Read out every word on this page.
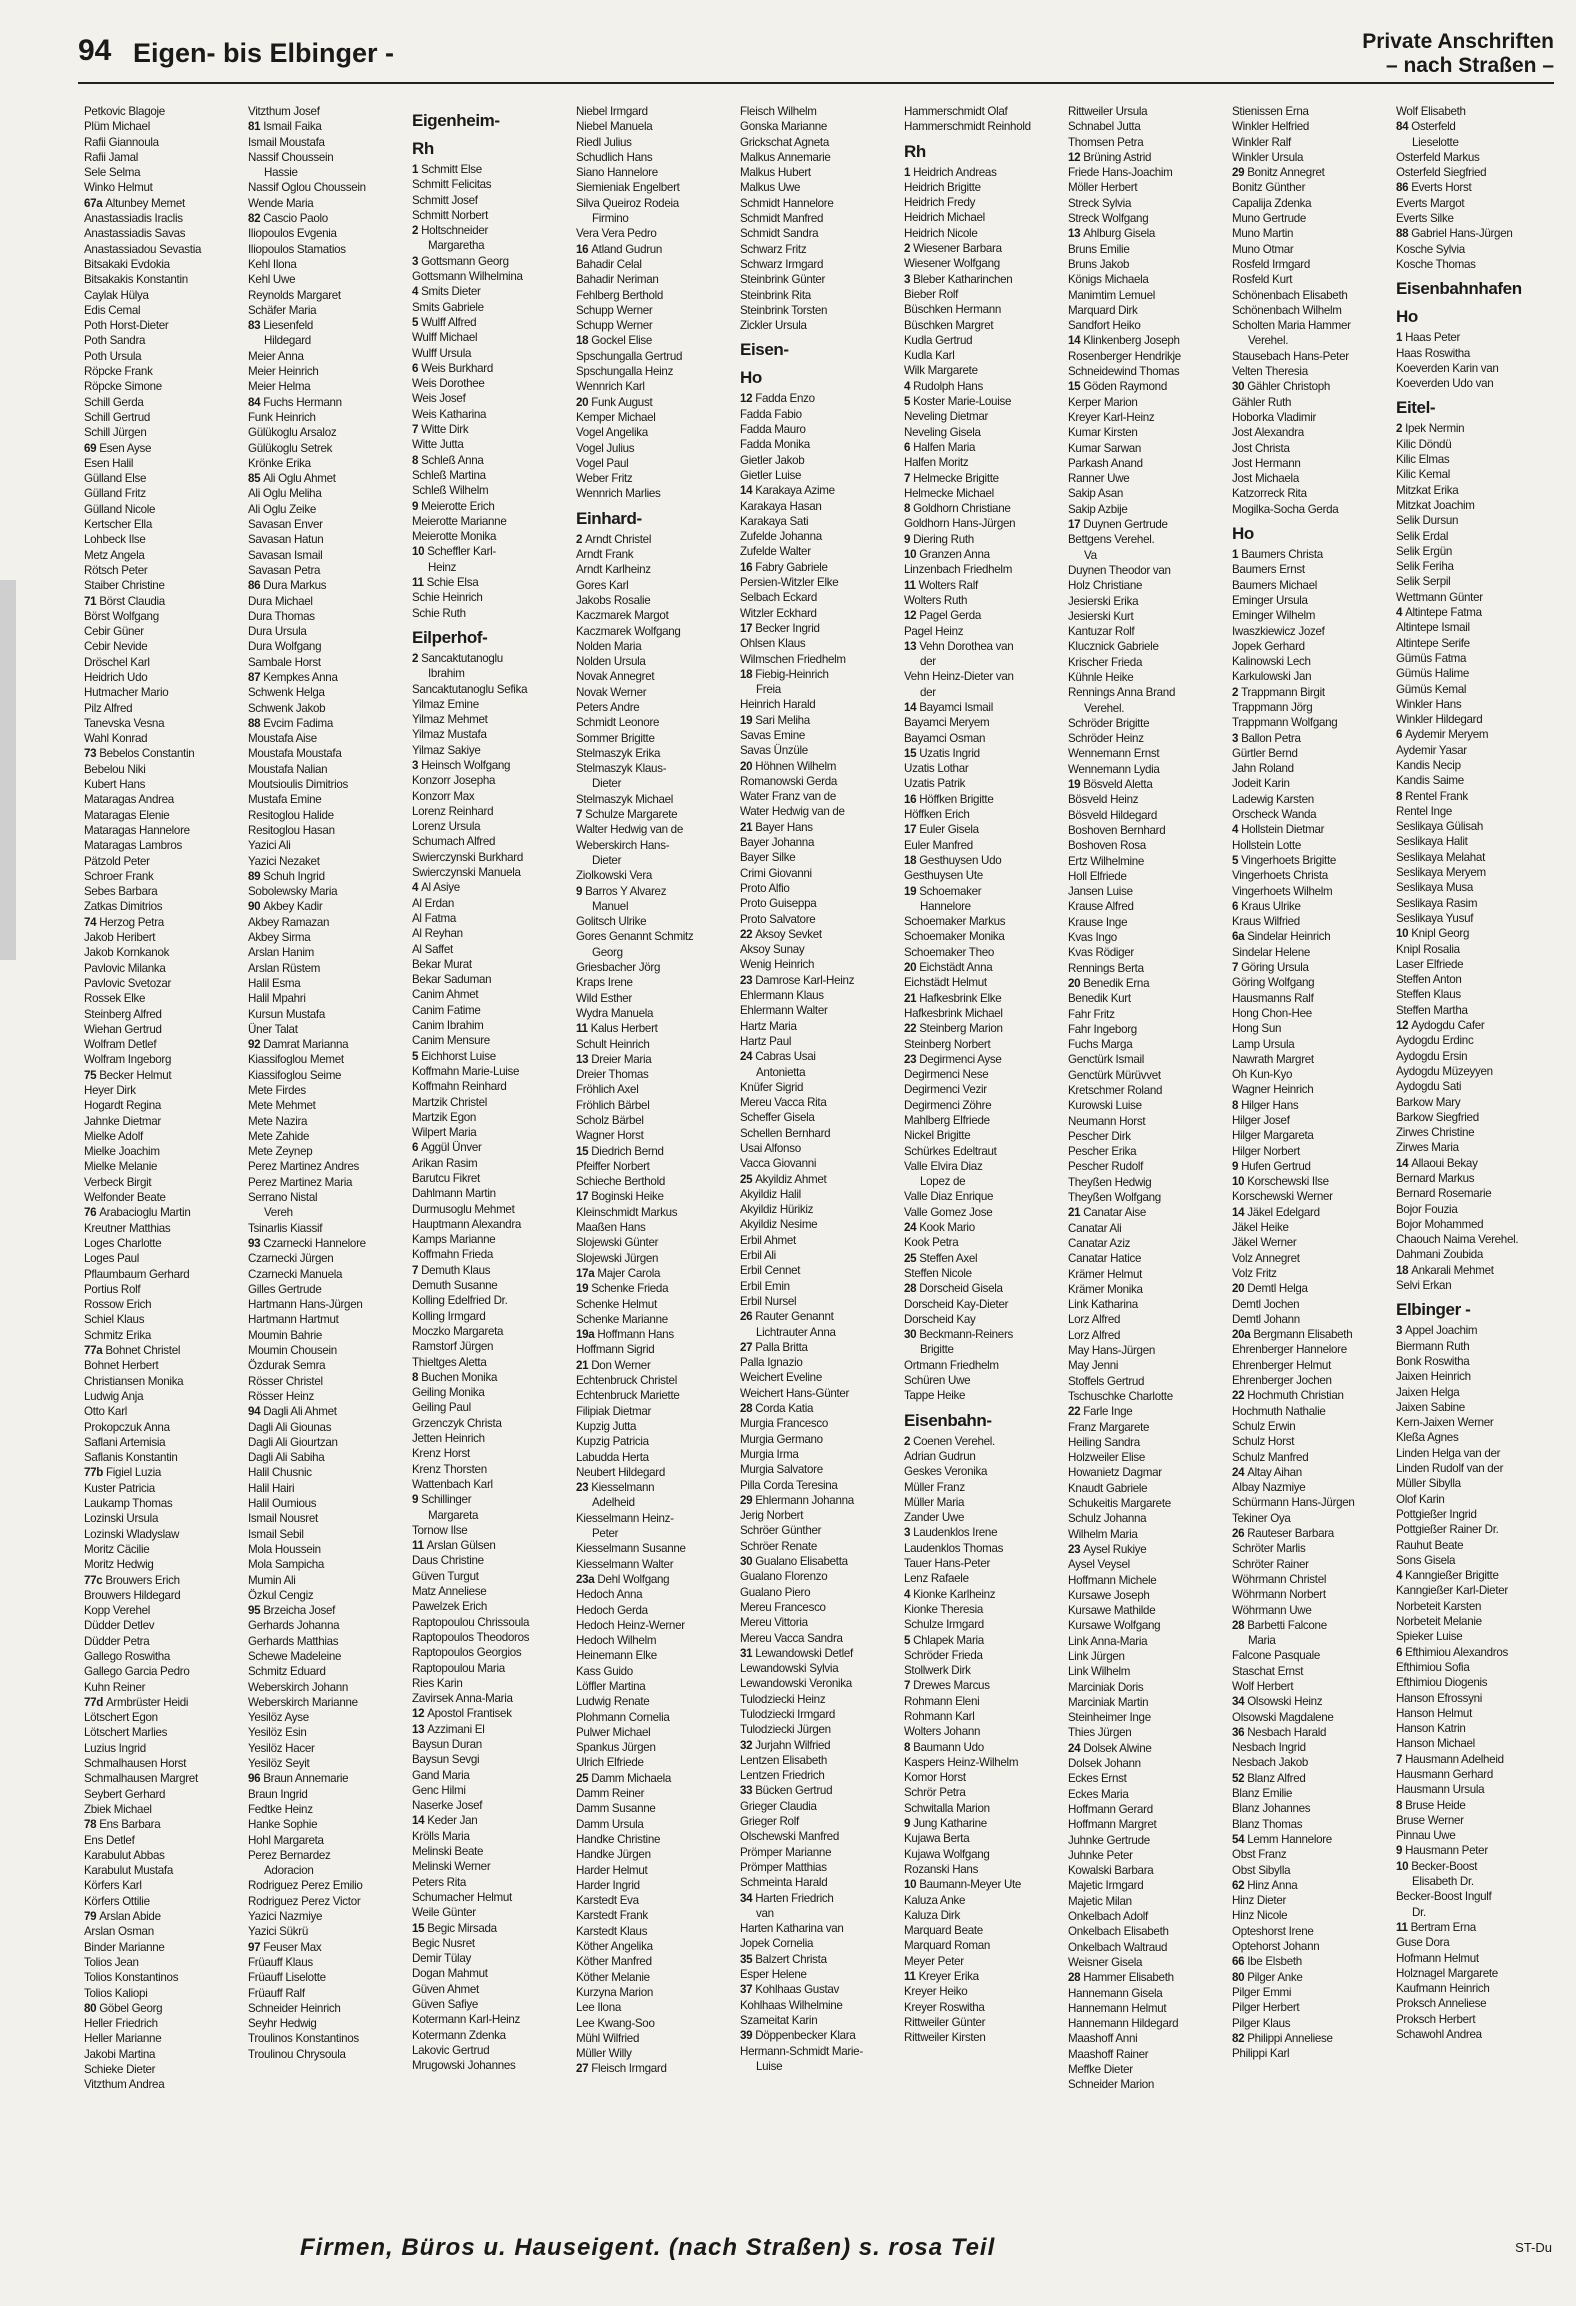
94 Eigen- bis Elbinger -	Private Anschriften
– nach Straßen –
Petkovic Blagoje
Plüm Michael
Rafii Giannoula
Rafii Jamal
Sele Selma
Winko Helmut
67a Altunbey Memet
Anastassiadis Iraclis
Anastassiadis Savas
Anastassiadou Sevastia
Bitsakaki Evdokia
Bitsakakis Konstantin
Caylak Hülya
Edis Cemal
Poth Horst-Dieter
Poth Sandra
Poth Ursula
Röpcke Frank
Röpcke Simone
Schill Gerda
Schill Gertrud
Schill Jürgen
69 Esen Ayse
Esen Halil
Gülland Else
Gülland Fritz
Gülland Nicole
Kertscher Ella
Lohbeck Ilse
Metz Angela
Rötsch Peter
Staiber Christine
71 Börst Claudia
Börst Wolfgang
Cebir Güner
Cebir Nevide
Dröschel Karl
Heidrich Udo
Hutmacher Mario
Pilz Alfred
Tanevska Vesna
Wahl Konrad
73 Bebelos Constantin
Bebelou Niki
Kubert Hans
Mataragas Andrea
Mataragas Elenie
Mataragas Hannelore
Mataragas Lambros
Pätzold Peter
Schroer Frank
Sebes Barbara
Zatkas Dimitrios
74 Herzog Petra
Jakob Heribert
Jakob Kornkanok
Pavlovic Milanka
Pavlovic Svetozar
Rossek Elke
Steinberg Alfred
Wiehan Gertrud
Wolfram Detlef
Wolfram Ingeborg
75 Becker Helmut
Heyer Dirk
Hogardt Regina
Jahnke Dietmar
Mielke Adolf
Mielke Joachim
Mielke Melanie
Verbeck Birgit
Welfonder Beate
76 Arabacioglu Martin
Kreutner Matthias
Loges Charlotte
Loges Paul
Pflaumbaum Gerhard
Portius Rolf
Rossow Erich
Schiel Klaus
Schmitz Erika
77a Bohnet Christel
Bohnet Herbert
Christiansen Monika
Ludwig Anja
Otto Karl
Prokopczuk Anna
Saflani Artemisia
Saflanis Konstantin
77b Figiel Luzia
Kuster Patricia
Laukamp Thomas
Lozinski Ursula
Lozinski Wladyslaw
Moritz Cäcilie
Moritz Hedwig
77c Brouwers Erich
Brouwers Hildegard
Kopp Verehel
Düdder Detlev
Düdder Petra
Gallego Roswitha
Gallego Garcia Pedro
Kuhn Reiner
77d Armbrüster Heidi
Lötschert Egon
Lötschert Marlies
Luzius Ingrid
Schmalhausen Horst
Schmalhausen Margret
Seybert Gerhard
Zbiek Michael
78 Ens Barbara
Ens Detlef
Karabulut Abbas
Karabulut Mustafa
Körfers Karl
Körfers Ottilie
79 Arslan Abide
Arslan Osman
Binder Marianne
Tolios Jean
Tolios Konstantinos
Tolios Kaliopi
80 Göbel Georg
Heller Friedrich
Heller Marianne
Jakobi Martina
Schieke Dieter
Vitzthum Andrea
Vitzthum Josef
81 Ismail Faika
Ismail Moustafa
Nassif Choussein
Hassie
Nassif Oglou Choussein
Wende Maria
82 Cascio Paolo
Iliopoulos Evgenia
Iliopoulos Stamatios
Kehl Ilona
Kehl Uwe
Reynolds Margaret
Schäfer Maria
83 Liesenfeld
Hildegard
Meier Anna
Meier Heinrich
Meier Helma
84 Fuchs Hermann
Funk Heinrich
Gülükoglu Arsaloz
Gülükoglu Setrek
Krönke Erika
85 Ali Oglu Ahmet
Ali Oglu Meliha
Ali Oglu Zeike
Savasan Enver
Savasan Hatun
Savasan Ismail
Savasan Petra
86 Dura Markus
Dura Michael
Dura Thomas
Dura Ursula
Dura Wolfgang
Sambale Horst
87 Kempkes Anna
Schwenk Helga
Schwenk Jakob
88 Evcim Fadima
Moustafa Aise
Moustafa Moustafa
Moustafa Nalian
Moutsioulis Dimitrios
Mustafa Emine
Resitoglou Halide
Resitoglou Hasan
Yazici Ali
Yazici Nezaket
89 Schuh Ingrid
Sobolewsky Maria
90 Akbey Kadir
Akbey Ramazan
Akbey Sirma
Arslan Hanim
Arslan Rüstem
Halil Esma
Halil Mpahri
Kursun Mustafa
Üner Talat
92 Damrat Marianna
Kiassifoglou Memet
Kiassifoglou Seime
Mete Firdes
Mete Mehmet
Mete Nazira
Mete Zahide
Mete Zeynep
Perez Martinez Andres
Perez Martinez Maria
Serrano Nistal
Vereh
Tsinarlis Kiassif
93 Czarnecki Hannelore
Czarnecki Jürgen
Czarnecki Manuela
Gilles Gertrude
Hartmann Hans-Jürgen
Hartmann Hartmut
Moumin Bahrie
Moumin Chousein
Özdurak Semra
Rösser Christel
Rösser Heinz
94 Dagli Ali Ahmet
Dagli Ali Giounas
Dagli Ali Giourtzan
Dagli Ali Sabiha
Halil Chusnic
Halil Hairi
Halil Oumious
Ismail Nousret
Ismail Sebil
Mola Houssein
Mola Sampicha
Mumin Ali
Özkul Cengiz
95 Brzeicha Josef
Gerhards Johanna
Gerhards Matthias
Schewe Madeleine
Schmitz Eduard
Weberskirch Johann
Weberskirch Marianne
Yesilöz Ayse
Yesilöz Esin
Yesilöz Hacer
Yesilöz Seyit
96 Braun Annemarie
Braun Ingrid
Fedtke Heinz
Hanke Sophie
Hohl Margareta
Perez Bernardez
Adoracion
Rodriguez Perez Emilio
Rodriguez Perez Victor
Yazici Nazmiye
Yazici Sükrü
97 Feuser Max
Früauff Klaus
Früauff Liselotte
Früauff Ralf
Schneider Heinrich
Seyhr Hedwig
Troulinos Konstantinos
Troulinou Chrysoula
Eigenheim-
Rh
1 Schmitt Else
Schmitt Felicitas
Schmitt Josef
Schmitt Norbert
2 Holtschneider
Margaretha
3 Gottsmann Georg
Gottsmann Wilhelmina
4 Smits Dieter
Smits Gabriele
5 Wulff Alfred
Wulff Michael
Wulff Ursula
6 Weis Burkhard
Weis Dorothee
Weis Josef
Weis Katharina
7 Witte Dirk
Witte Jutta
8 Schleß Anna
Schleß Martina
Schleß Wilhelm
9 Meierotte Erich
Meierotte Marianne
Meierotte Monika
10 Scheffler Karl-
Heinz
11 Schie Elsa
Schie Heinrich
Schie Ruth
Eilperhof-
2 Sancaktutanoglu
Ibrahim
Sancaktutanoglu Sefika
Yilmaz Emine
Yilmaz Mehmet
Yilmaz Mustafa
Yilmaz Sakiye
3 Heinsch Wolfgang
Konzorr Josepha
Konzorr Max
Lorenz Reinhard
Lorenz Ursula
Schumach Alfred
Swierczynski Burkhard
Swierczynski Manuela
4 Al Asiye
Al Erdan
Al Fatma
Al Reyhan
Al Saffet
Bekar Murat
Bekar Saduman
Canim Ahmet
Canim Fatime
Canim Ibrahim
Canim Mensure
5 Eichhorst Luise
Koffmahn Marie-Luise
Koffmahn Reinhard
Martzik Christel
Martzik Egon
Wilpert Maria
6 Aggül Ünver
Arikan Rasim
Barutcu Fikret
Dahlmann Martin
Durmusoglu Mehmet
Hauptmann Alexandra
Kamps Marianne
Koffmahn Frieda
7 Demuth Klaus
Demuth Susanne
Kolling Edelfried Dr.
Kolling Irmgard
Moczko Margareta
Ramstorf Jürgen
Thieltges Aletta
8 Buchen Monika
Geiling Monika
Geiling Paul
Grzenczyk Christa
Jetten Heinrich
Krenz Horst
Krenz Thorsten
Wattenbach Karl
9 Schillinger
Margareta
Tornow Ilse
11 Arslan Gülsen
Daus Christine
Güven Turgut
Matz Anneliese
Pawelzek Erich
Raptopoulou Chrissoula
Raptopoulos Theodoros
Raptopoulos Georgios
Raptopoulou Maria
Ries Karin
Zavirsek Anna-Maria
12 Apostol Frantisek
13 Azzimani El
Baysun Duran
Baysun Sevgi
Gand Maria
Genc Hilmi
Naserke Josef
14 Keder Jan
Krölls Maria
Melinski Beate
Melinski Werner
Peters Rita
Schumacher Helmut
Weile Günter
15 Begic Mirsada
Begic Nusret
Demir Tülay
Dogan Mahmut
Güven Ahmet
Güven Safiye
Kotermann Karl-Heinz
Kotermann Zdenka
Lakovic Gertrud
Mrugowski Johannes
Niebel Irmgard
Niebel Manuela
Riedl Julius
Schudlich Hans
Siano Hannelore
Siemieniak Engelbert
Silva Queiroz Rodeia
Firmino
Vera Vera Pedro
16 Atland Gudrun
Bahadir Celal
Bahadir Neriman
Fehlberg Berthold
Schupp Werner
Schupp Werner
18 Gockel Elise
Spschungalla Gertrud
Spschungalla Heinz
Wennrich Karl
20 Funk August
Kemper Michael
Vogel Angelika
Vogel Julius
Vogel Paul
Weber Fritz
Wennrich Marlies
Einhard-
2 Arndt Christel
Arndt Frank
Arndt Karlheinz
Gores Karl
Jakobs Rosalie
Kaczmarek Margot
Kaczmarek Wolfgang
Nolden Maria
Nolden Ursula
Novak Annegret
Novak Werner
Peters Andre
Schmidt Leonore
Sommer Brigitte
Stelmaszyk Erika
Stelmaszyk Klaus-
Dieter
Stelmaszyk Michael
7 Schulze Margarete
Walter Hedwig van de
Weberskirch Hans-
Dieter
Ziolkowski Vera
9 Barros Y Alvarez
Manuel
Golitsch Ulrike
Gores Genannt Schmitz
Georg
Griesbacher Jörg
Kraps Irene
Wild Esther
Wydra Manuela
11 Kalus Herbert
Schult Heinrich
13 Dreier Maria
Dreier Thomas
Fröhlich Axel
Fröhlich Bärbel
Scholz Bärbel
Wagner Horst
15 Diedrich Bernd
Pfeiffer Norbert
Schieche Berthold
17 Boginski Heike
Kleinschmidt Markus
Maaßen Hans
Slojewski Günter
Slojewski Jürgen
17a Majer Carola
19 Schenke Frieda
Schenke Helmut
Schenke Marianne
19a Hoffmann Hans
Hoffmann Sigrid
21 Don Werner
Echtenbruck Christel
Echtenbruck Mariette
Filipiak Dietmar
Kupzig Jutta
Kupzig Patricia
Labudda Herta
Neubert Hildegard
23 Kiesselmann
Adelheid
Kiesselmann Heinz-
Peter
Kiesselmann Susanne
Kiesselmann Walter
23a Dehl Wolfgang
Hedoch Anna
Hedoch Gerda
Hedoch Heinz-Werner
Hedoch Wilhelm
Heinemann Elke
Kass Guido
Löffler Martina
Ludwig Renate
Plohmann Cornelia
Pulwer Michael
Spankus Jürgen
Ulrich Elfriede
25 Damm Michaela
Damm Reiner
Damm Susanne
Damm Ursula
Handke Christine
Handke Jürgen
Harder Helmut
Harder Ingrid
Karstedt Eva
Karstedt Frank
Karstedt Klaus
Köther Angelika
Köther Manfred
Köther Melanie
Kurzyna Marion
Lee Ilona
Lee Kwang-Soo
Mühl Wilfried
Müller Willy
27 Fleisch Irmgard
Fleisch Wilhelm
Gonska Marianne
Grickschat Agneta
Malkus Annemarie
Malkus Hubert
Malkus Uwe
Schmidt Hannelore
Schmidt Manfred
Schmidt Sandra
Schwarz Fritz
Schwarz Irmgard
Steinbrink Günter
Steinbrink Rita
Steinbrink Torsten
Zickler Ursula
Eisen-
Ho
12 Fadda Enzo
Fadda Fabio
Fadda Mauro
Fadda Monika
Gietler Jakob
Gietler Luise
14 Karakaya Azime
Karakaya Hasan
Karakaya Sati
Zufelde Johanna
Zufelde Walter
16 Fabry Gabriele
Persien-Witzler Elke
Selbach Eckard
Witzler Eckhard
17 Becker Ingrid
Ohlsen Klaus
Wilmschen Friedhelm
18 Fiebig-Heinrich
Freia
Heinrich Harald
19 Sari Meliha
Savas Emine
Savas Ünzüle
20 Höhnen Wilhelm
Romanowski Gerda
Water Franz van de
Water Hedwig van de
21 Bayer Hans
Bayer Johanna
Bayer Silke
Crimi Giovanni
Proto Alfio
Proto Guiseppa
Proto Salvatore
22 Aksoy Sevket
Aksoy Sunay
Wenig Heinrich
23 Damrose Karl-Heinz
Ehlermann Klaus
Ehlermann Walter
Hartz Maria
Hartz Paul
24 Cabras Usai
Antonietta
Knüfer Sigrid
Mereu Vacca Rita
Scheffer Gisela
Schellen Bernhard
Usai Alfonso
Vacca Giovanni
25 Akyildiz Ahmet
Akyildiz Halil
Akyildiz Hürikiz
Akyildiz Nesime
Erbil Ahmet
Erbil Ali
Erbil Cennet
Erbil Emin
Erbil Nursel
26 Rauter Genannt
Lichtrauter Anna
27 Palla Britta
Palla Ignazio
Weichert Eveline
Weichert Hans-Günter
28 Corda Katia
Murgia Francesco
Murgia Germano
Murgia Irma
Murgia Salvatore
Pilla Corda Teresina
29 Ehlermann Johanna
Jerig Norbert
Schröer Günther
Schröer Renate
30 Gualano Elisabetta
Gualano Florenzo
Gualano Piero
Mereu Francesco
Mereu Vittoria
Mereu Vacca Sandra
31 Lewandowski Detlef
Lewandowski Sylvia
Lewandowski Veronika
Tulodziecki Heinz
Tulodziecki Irmgard
Tulodziecki Jürgen
32 Jurjahn Wilfried
Lentzen Elisabeth
Lentzen Friedrich
33 Bücken Gertrud
Grieger Claudia
Grieger Rolf
Olschewski Manfred
Prömper Marianne
Prömper Matthias
Schmeinta Harald
34 Harten Friedrich
van
Harten Katharina van
Jopek Cornelia
35 Balzert Christa
Esper Helene
37 Kohlhaas Gustav
Kohlhaas Wilhelmine
Szameitat Karin
39 Döppenbecker Klara
Hermann-Schmidt Marie-
Luise
Hammerschmidt Olaf
Hammerschmidt Reinhold
Rh
1 Heidrich Andreas
Heidrich Brigitte
Heidrich Fredy
Heidrich Michael
Heidrich Nicole
2 Wiesener Barbara
Wiesener Wolfgang
3 Bleber Katharinchen
Bieber Rolf
Büschken Hermann
Büschken Margret
Kudla Gertrud
Kudla Karl
Wilk Margarete
4 Rudolph Hans
5 Koster Marie-Louise
Neveling Dietmar
Neveling Gisela
6 Halfen Maria
Halfen Moritz
7 Helmecke Brigitte
Helmecke Michael
8 Goldhorn Christiane
Goldhorn Hans-Jürgen
9 Diering Ruth
10 Granzen Anna
Linzenbach Friedhelm
11 Wolters Ralf
Wolters Ruth
12 Pagel Gerda
Pagel Heinz
13 Vehn Dorothea van
der
Vehn Heinz-Dieter van
der
14 Bayamci Ismail
Bayamci Meryem
Bayamci Osman
15 Uzatis Ingrid
Uzatis Lothar
Uzatis Patrik
16 Höffken Brigitte
Höffken Erich
17 Euler Gisela
Euler Manfred
18 Gesthuysen Udo
Gesthuysen Ute
19 Schoemaker
Hannelore
Schoemaker Markus
Schoemaker Monika
Schoemaker Theo
20 Eichstädt Anna
Eichstädt Helmut
21 Hafkesbrink Elke
Hafkesbrink Michael
22 Steinberg Marion
Steinberg Norbert
23 Degirmenci Ayse
Degirmenci Nese
Degirmenci Vezir
Degirmenci Zöhre
Mahlberg Elfriede
Nickel Brigitte
Schürkes Edeltraut
Valle Elvira Diaz
Lopez de
Valle Diaz Enrique
Valle Gomez Jose
24 Kook Mario
Kook Petra
25 Steffen Axel
Steffen Nicole
28 Dorscheid Gisela
Dorscheid Kay-Dieter
Dorscheid Kay
30 Beckmann-Reiners
Brigitte
Ortmann Friedhelm
Schüren Uwe
Tappe Heike
Eisenbahn-
2 Coenen Verehel.
Adrian Gudrun
Geskes Veronika
Müller Franz
Müller Maria
Zander Uwe
3 Laudenklos Irene
Laudenklos Thomas
Tauer Hans-Peter
Lenz Rafaele
4 Kionke Karlheinz
Kionke Theresia
Schulze Irmgard
5 Chlapek Maria
Schröder Frieda
Stollwerk Dirk
7 Drewes Marcus
Rohmann Eleni
Rohmann Karl
Wolters Johann
8 Baumann Udo
Kaspers Heinz-Wilhelm
Komor Horst
Schrör Petra
Schwitalla Marion
9 Jung Katharine
Kujawa Berta
Kujawa Wolfgang
Rozanski Hans
10 Baumann-Meyer Ute
Kaluza Anke
Kaluza Dirk
Marquard Beate
Marquard Roman
Meyer Peter
11 Kreyer Erika
Kreyer Heiko
Kreyer Roswitha
Rittweiler Günter
Rittweiler Kirsten
Rittweiler Ursula
Schnabel Jutta
Thomsen Petra
12 Brüning Astrid
Friede Hans-Joachim
Möller Herbert
Streck Sylvia
Streck Wolfgang
13 Ahlburg Gisela
Bruns Emilie
Bruns Jakob
Königs Michaela
Manimtim Lemuel
Marquard Dirk
Sandfort Heiko
14 Klinkenberg Joseph
Rosenberger Hendrikje
Schneidewind Thomas
15 Göden Raymond
Kerper Marion
Kreyer Karl-Heinz
Kumar Kirsten
Kumar Sarwan
Parkash Anand
Ranner Uwe
Sakip Asan
Sakip Azbije
17 Duynen Gertrude
Bettgens Verehel.
Va
Duynen Theodor van
Holz Christiane
Jesierski Erika
Jesierski Kurt
Kantuzar Rolf
Klucznick Gabriele
Krischer Frieda
Kühnle Heike
Rennings Anna Brand
Verehel.
Schröder Brigitte
Schröder Heinz
Wennemann Ernst
Wennemann Lydia
19 Bösveld Aletta
Bösveld Heinz
Bösveld Hildegard
Boshoven Bernhard
Boshoven Rosa
Ertz Wilhelmine
Holl Elfriede
Jansen Luise
Krause Alfred
Krause Inge
Kvas Ingo
Kvas Rödiger
Rennings Berta
20 Benedik Erna
Benedik Kurt
Fahr Fritz
Fahr Ingeborg
Fuchs Marga
Genctürk Ismail
Genctürk Mürüvvet
Kretschmer Roland
Kurowski Luise
Neumann Horst
Pescher Dirk
Pescher Erika
Pescher Rudolf
Theyßen Hedwig
Theyßen Wolfgang
21 Canatar Aise
Canatar Ali
Canatar Aziz
Canatar Hatice
Krämer Helmut
Krämer Monika
Link Katharina
Lorz Alfred
Lorz Alfred
May Hans-Jürgen
May Jenni
Stoffels Gertrud
Tschuschke Charlotte
22 Farle Inge
Franz Margarete
Heiling Sandra
Holzweiler Elise
Howanietz Dagmar
Knaudt Gabriele
Schukeitis Margarete
Schulz Johanna
Wilhelm Maria
23 Aysel Rukiye
Aysel Veysel
Hoffmann Michele
Kursawe Joseph
Kursawe Mathilde
Kursawe Wolfgang
Link Anna-Maria
Link Jürgen
Link Wilhelm
Marciniak Doris
Marciniak Martin
Steinheimer Inge
Thies Jürgen
24 Dolsek Alwine
Dolsek Johann
Eckes Ernst
Eckes Maria
Hoffmann Gerard
Hoffmann Margret
Juhnke Gertrude
Juhnke Peter
Kowalski Barbara
Majetic Irmgard
Majetic Milan
Onkelbach Adolf
Onkelbach Elisabeth
Onkelbach Waltraud
Weisner Gisela
28 Hammer Elisabeth
Hannemann Gisela
Hannemann Helmut
Hannemann Hildegard
Maashoff Anni
Maashoff Rainer
Meffke Dieter
Schneider Marion
Stienissen Erna
Winkler Helfried
Winkler Ralf
Winkler Ursula
29 Bonitz Annegret
Bonitz Günther
Capalija Zdenka
Muno Gertrude
Muno Martin
Muno Otmar
Rosfeld Irmgard
Rosfeld Kurt
Schönenbach Elisabeth
Schönenbach Wilhelm
Scholten Maria Hammer
Verehel.
Stausebach Hans-Peter
Velten Theresia
30 Gähler Christoph
Gähler Ruth
Hoborka Vladimir
Jost Alexandra
Jost Christa
Jost Hermann
Jost Michaela
Katzorreck Rita
Mogilka-Socha Gerda
Ho
1 Baumers Christa
Baumers Ernst
Baumers Michael
Eminger Ursula
Eminger Wilhelm
Iwaszkiewicz Jozef
Jopek Gerhard
Kalinowski Lech
Karkulowski Jan
2 Trappmann Birgit
Trappmann Jörg
Trappmann Wolfgang
3 Ballon Petra
Gürtler Bernd
Jahn Roland
Jodeit Karin
Ladewig Karsten
Orscheck Wanda
4 Hollstein Dietmar
Hollstein Lotte
5 Vingerhoets Brigitte
Vingerhoets Christa
Vingerhoets Wilhelm
6 Kraus Ulrike
Kraus Wilfried
6a Sindelar Heinrich
Sindelar Helene
7 Göring Ursula
Göring Wolfgang
Hausmanns Ralf
Hong Chon-Hee
Hong Sun
Lamp Ursula
Nawrath Margret
Oh Kun-Kyo
Wagner Heinrich
8 Hilger Hans
Hilger Josef
Hilger Margareta
Hilger Norbert
9 Hufen Gertrud
10 Korschewski Ilse
Korschewski Werner
14 Jäkel Edelgard
Jäkel Heike
Jäkel Werner
Volz Annegret
Volz Fritz
20 Demtl Helga
Demtl Jochen
Demtl Johann
20a Bergmann Elisabeth
Ehrenberger Hannelore
Ehrenberger Helmut
Ehrenberger Jochen
22 Hochmuth Christian
Hochmuth Nathalie
Schulz Erwin
Schulz Horst
Schulz Manfred
24 Altay Aihan
Albay Nazmiye
Schürmann Hans-Jürgen
Tekiner Oya
26 Rauteser Barbara
Schröter Marlis
Schröter Rainer
Wöhrmann Christel
Wöhrmann Norbert
Wöhrmann Uwe
28 Barbetti Falcone
Maria
Falcone Pasquale
Staschat Ernst
Wolf Herbert
34 Olsowski Heinz
Olsowski Magdalene
36 Nesbach Harald
Nesbach Ingrid
Nesbach Jakob
52 Blanz Alfred
Blanz Emilie
Blanz Johannes
Blanz Thomas
54 Lemm Hannelore
Obst Franz
Obst Sibylla
62 Hinz Anna
Hinz Dieter
Hinz Nicole
Opteshorst Irene
Optehorst Johann
66 Ibe Elsbeth
80 Pilger Anke
Pilger Emmi
Pilger Herbert
Pilger Klaus
82 Philippi Anneliese
Philippi Karl
Wolf Elisabeth
84 Osterfeld
Lieselotte
Osterfeld Markus
Osterfeld Siegfried
86 Everts Horst
Everts Margot
Everts Silke
88 Gabriel Hans-Jürgen
Kosche Sylvia
Kosche Thomas
Eisenbahnhafen
Ho
1 Haas Peter
Haas Roswitha
Koeverden Karin van
Koeverden Udo van
Eitel-
2 Ipek Nermin
Kilic Döndü
Kilic Elmas
Kilic Kemal
Mitzkat Erika
Mitzkat Joachim
Selik Dursun
Selik Erdal
Selik Ergün
Selik Feriha
Selik Serpil
Wettmann Günter
4 Altintepe Fatma
Altintepe Ismail
Altintepe Serife
Gümüs Fatma
Gümüs Halime
Gümüs Kemal
Winkler Hans
Winkler Hildegard
6 Aydemir Meryem
Aydemir Yasar
Kandis Necip
Kandis Saime
8 Rentel Frank
Rentel Inge
Seslikaya Gülisah
Seslikaya Halit
Seslikaya Melahat
Seslikaya Meryem
Seslikaya Musa
Seslikaya Rasim
Seslikaya Yusuf
10 Knipl Georg
Knipl Rosalia
Laser Elfriede
Steffen Anton
Steffen Klaus
Steffen Martha
12 Aydogdu Cafer
Aydogdu Erdinc
Aydogdu Ersin
Aydogdu Müzeyyen
Aydogdu Sati
Barkow Mary
Barkow Siegfried
Zirwes Christine
Zirwes Maria
14 Allaoui Bekay
Bernard Markus
Bernard Rosemarie
Bojor Fouzia
Bojor Mohammed
Chaouch Naima Verehel.
Dahmani Zoubida
18 Ankarali Mehmet
Selvi Erkan
Elbinger -
3 Appel Joachim
Biermann Ruth
Bonk Roswitha
Jaixen Heinrich
Jaixen Helga
Jaixen Sabine
Kern-Jaixen Werner
Kleßa Agnes
Linden Helga van der
Linden Rudolf van der
Müller Sibylla
Olof Karin
Pottgießer Ingrid
Pottgießer Rainer Dr.
Rauhut Beate
Sons Gisela
4 Kanngießer Brigitte
Kanngießer Karl-Dieter
Norbeteit Karsten
Norbeteit Melanie
Spieker Luise
6 Efthimiou Alexandros
Efthimiou Sofia
Efthimiou Diogenis
Hanson Efrossyni
Hanson Helmut
Hanson Katrin
Hanson Michael
7 Hausmann Adelheid
Hausmann Gerhard
Hausmann Ursula
8 Bruse Heide
Bruse Werner
Pinnau Uwe
9 Hausmann Peter
10 Becker-Boost
Elisabeth Dr.
Becker-Boost Ingulf
Dr.
11 Bertram Erna
Guse Dora
Hofmann Helmut
Holznagel Margarete
Kaufmann Heinrich
Proksch Anneliese
Proksch Herbert
Schawohl Andrea
Firmen, Büros u. Hauseigent. (nach Straßen) s. rosa Teil	ST-Du
